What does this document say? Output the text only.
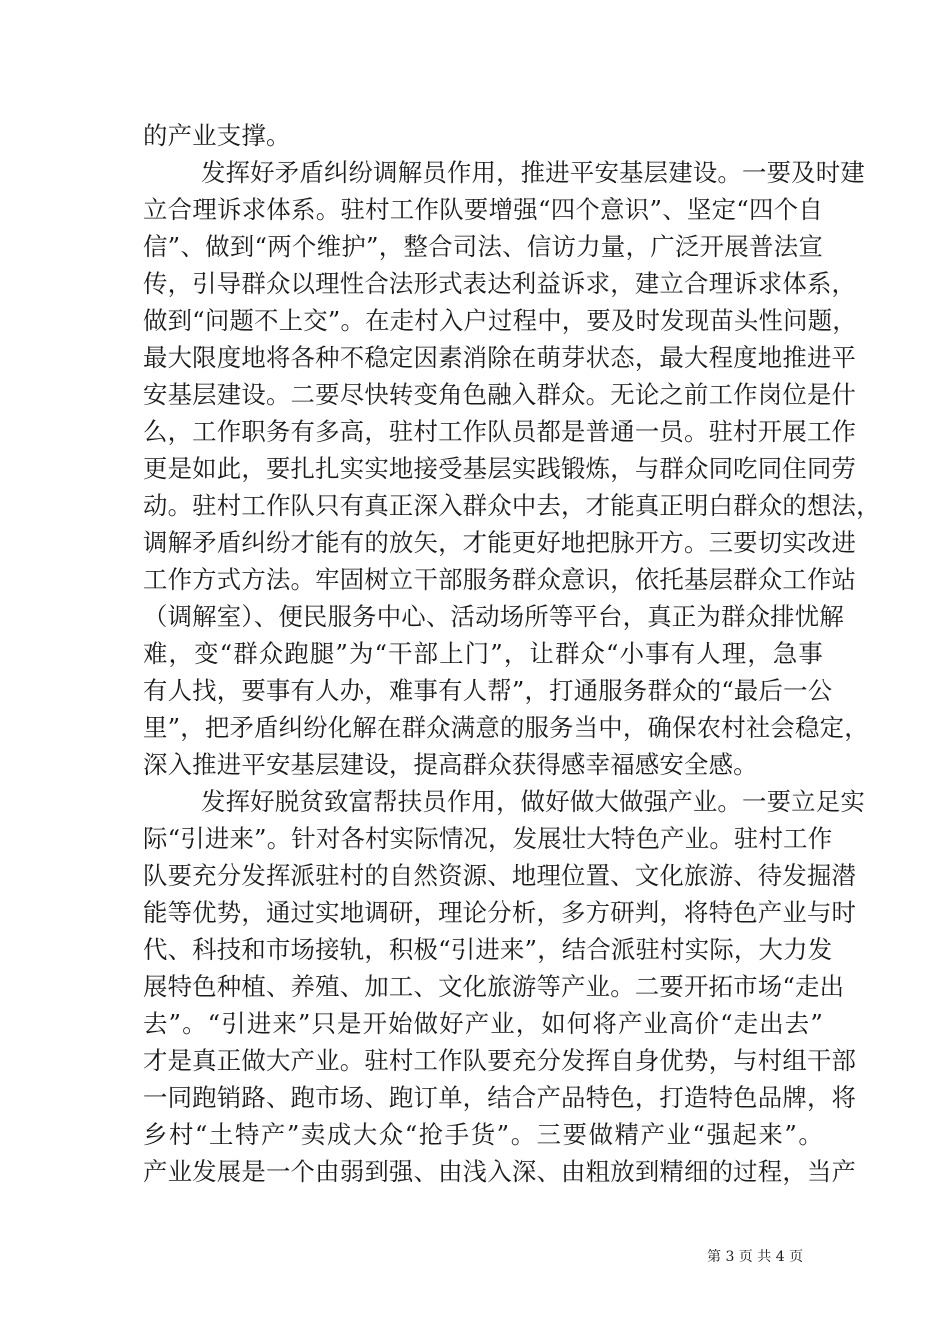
的产业支撑。
发挥好矛盾纠纷调解员作用，推进平安基层建设。一要及时建
立合理诉求体系。驻村工作队要增强“四个意识”、坚定“四个自
信”、做到“两个维护”，整合司法、信访力量，广泛开展普法宣
传，引导群众以理性合法形式表达利益诉求，建立合理诉求体系，
做到“问题不上交”。在走村入户过程中，要及时发现苗头性问题，
最大限度地将各种不稳定因素消除在萌芽状态，最大程度地推进平
安基层建设。二要尽快转变角色融入群众。无论之前工作岗位是什
么，工作职务有多高，驻村工作队员都是普通一员。驻村开展工作
更是如此，要扎扎实实地接受基层实践锻炼，与群众同吃同住同劳
动。驻村工作队只有真正深入群众中去，才能真正明白群众的想法，
调解矛盾纠纷才能有的放矢，才能更好地把脉开方。三要切实改进
工作方式方法。牢固树立干部服务群众意识，依托基层群众工作站
（调解室）、便民服务中心、活动场所等平台，真正为群众排忧解
难，变“群众跑腿”为“干部上门”，让群众“小事有人理，急事
有人找，要事有人办，难事有人帮”，打通服务群众的“最后一公
里”，把矛盾纠纷化解在群众满意的服务当中，确保农村社会稳定，
深入推进平安基层建设，提高群众获得感幸福感安全感。
发挥好脱贫致富帮扶员作用，做好做大做强产业。一要立足实
际“引进来”。针对各村实际情况，发展壮大特色产业。驻村工作
队要充分发挥派驻村的自然资源、地理位置、文化旅游、待发掘潜
能等优势，通过实地调研，理论分析，多方研判，将特色产业与时
代、科技和市场接轨，积极“引进来”，结合派驻村实际，大力发
展特色种植、养殖、加工、文化旅游等产业。二要开拓市场“走出
去”。“引进来”只是开始做好产业，如何将产业高价“走出去”
才是真正做大产业。驻村工作队要充分发挥自身优势，与村组干部
一同跑销路、跑市场、跑订单，结合产品特色，打造特色品牌，将
乡村“土特产”卖成大众“抢手货”。三要做精产业“强起来”。
产业发展是一个由弱到强、由浅入深、由粗放到精细的过程，当产
第 3 页 共 4 页
